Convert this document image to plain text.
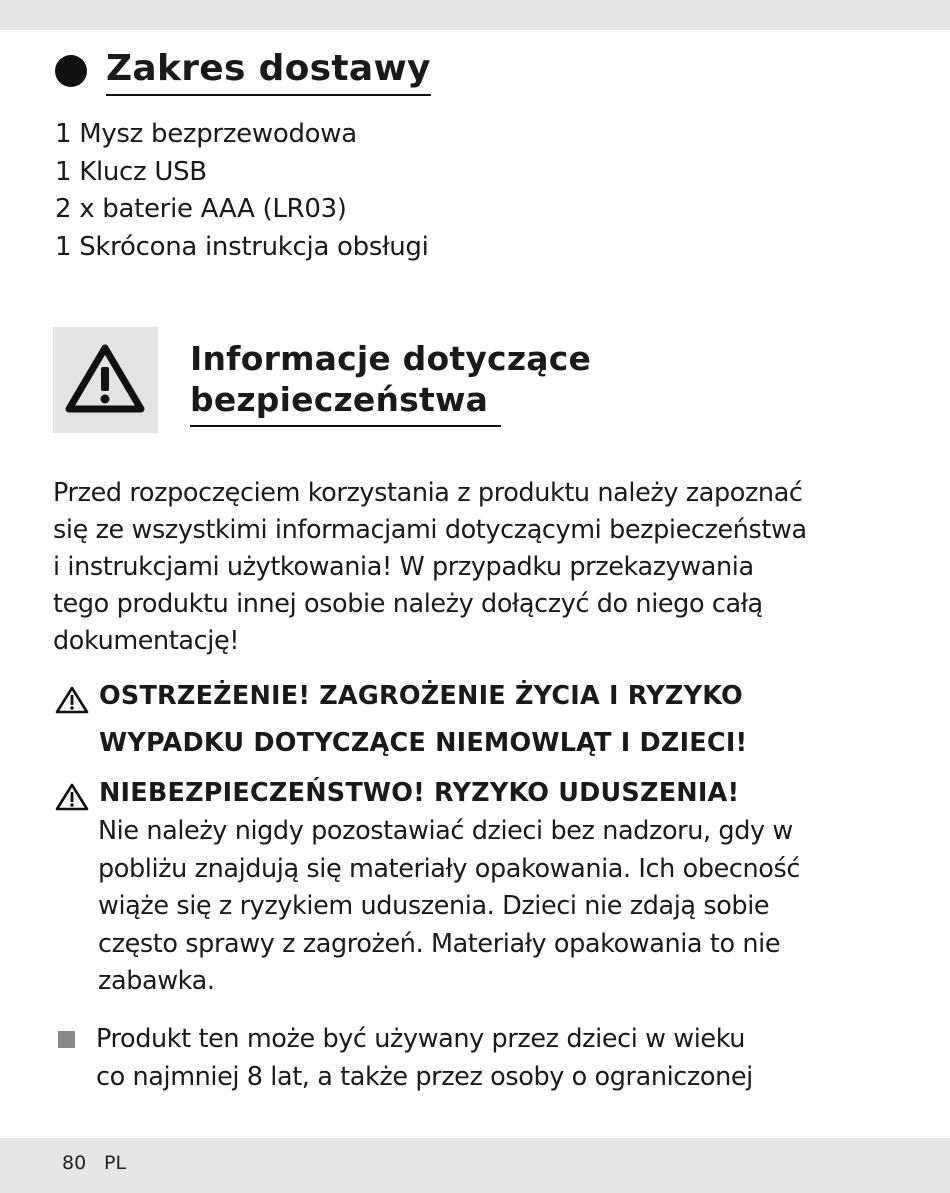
Zakres dostawy
1 Mysz bezprzewodowa
1 Klucz USB
2 x baterie AAA (LR03)
1 Skrócona instrukcja obsługi
Informacje dotyczące
bezpieczeństwa
Przed rozpoczęciem korzystania z produktu należy zapoznać
się ze wszystkimi informacjami dotyczącymi bezpieczeństwa
i instrukcjami użytkowania! W przypadku przekazywania
tego produktu innej osobie należy dołączyć do niego całą
dokumentację!
OSTRZEŻENIE! ZAGROŻENIE ŻYCIA I RYZYKO
WYPADKU DOTYCZĄCE NIEMOWLĄT I DZIECI!
NIEBEZPIECZEŃSTWO! RYZYKO UDUSZENIA!
Nie należy nigdy pozostawiać dzieci bez nadzoru, gdy w
pobliżu znajdują się materiały opakowania. Ich obecność
wiąże się z ryzykiem uduszenia. Dzieci nie zdają sobie
często sprawy z zagrożeń. Materiały opakowania to nie
zabawka.
Produkt ten może być używany przez dzieci w wieku
co najmniej 8 lat, a także przez osoby o ograniczonej
80 PL
